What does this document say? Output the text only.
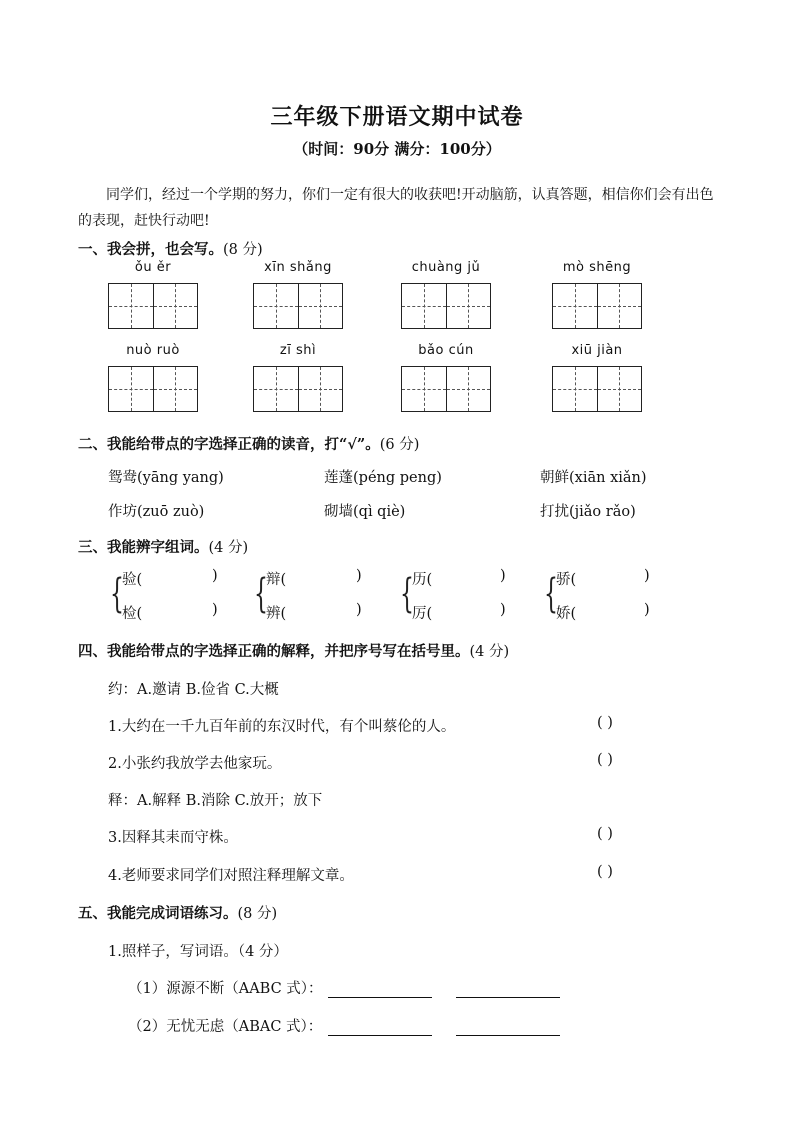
三年级下册语文期中试卷
（时间：90分 满分：100分）
同学们，经过一个学期的努力，你们一定有很大的收获吧!开动脑筋，认真答题，相信你们会有出色的表现，赶快行动吧!
一、我会拼，也会写。(8 分)
ǒu ěr	xīn shǎng	chuàng jǔ	mò shēng
nuò ruò	zī shì	bǎo cún	xiū jiàn
二、我能给带点的字选择正确的读音，打“√”。(6 分)
鸳鸯(yāng yang)	莲蓬(péng peng)	朝鲜(xiān xiǎn)
作坊(zuō zuò)	砌墙(qì qiè)	打扰(jiǎo rǎo)
三、我能辨字组词。(4 分)
{
验(	)
检(	) {
辩(	)
辨(	) {
历(	)
厉(	) {
骄(	)
娇(	)
四、我能给带点的字选择正确的解释，并把序号写在括号里。(4 分)
约：A.邀请 B.俭省 C.大概
1.大约在一千九百年前的东汉时代，有个叫蔡伦的人。	( )
2.小张约我放学去他家玩。	( )
释：A.解释 B.消除 C.放开；放下
3.因释其耒而守株。	( )
4.老师要求同学们对照注释理解文章。	( )
五、我能完成词语练习。(8 分)
1.照样子，写词语。（4 分）
（1）源源不断（AABC 式）：
（2）无忧无虑（ABAC 式）：
